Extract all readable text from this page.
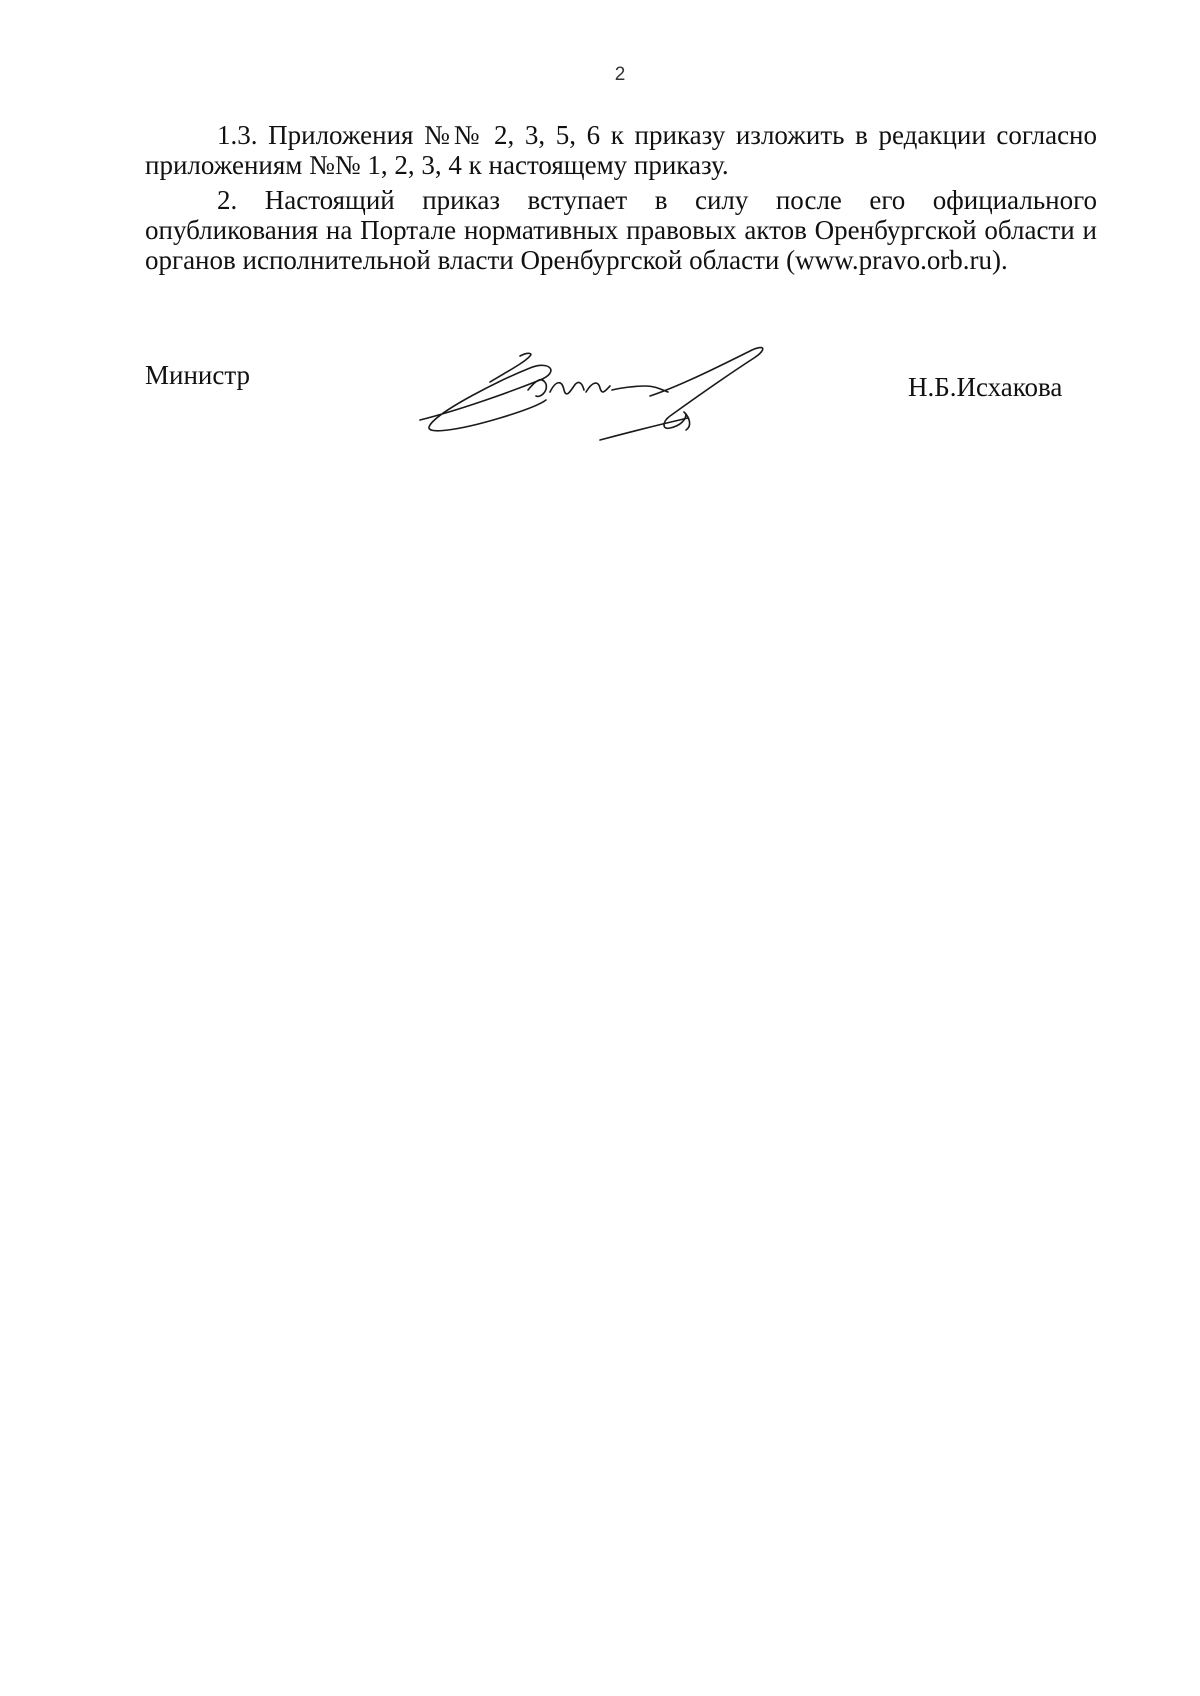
2

1.3. Приложения №№ 2, 3, 5, 6 к приказу изложить в редакции согласно приложениям №№ 1, 2, 3, 4 к настоящему приказу.

2. Настоящий приказ вступает в силу после его официального опубликования на Портале нормативных правовых актов Оренбургской области и органов исполнительной власти Оренбургской области (www.pravo.orb.ru).

Министр	Н.Б.Исхакова
